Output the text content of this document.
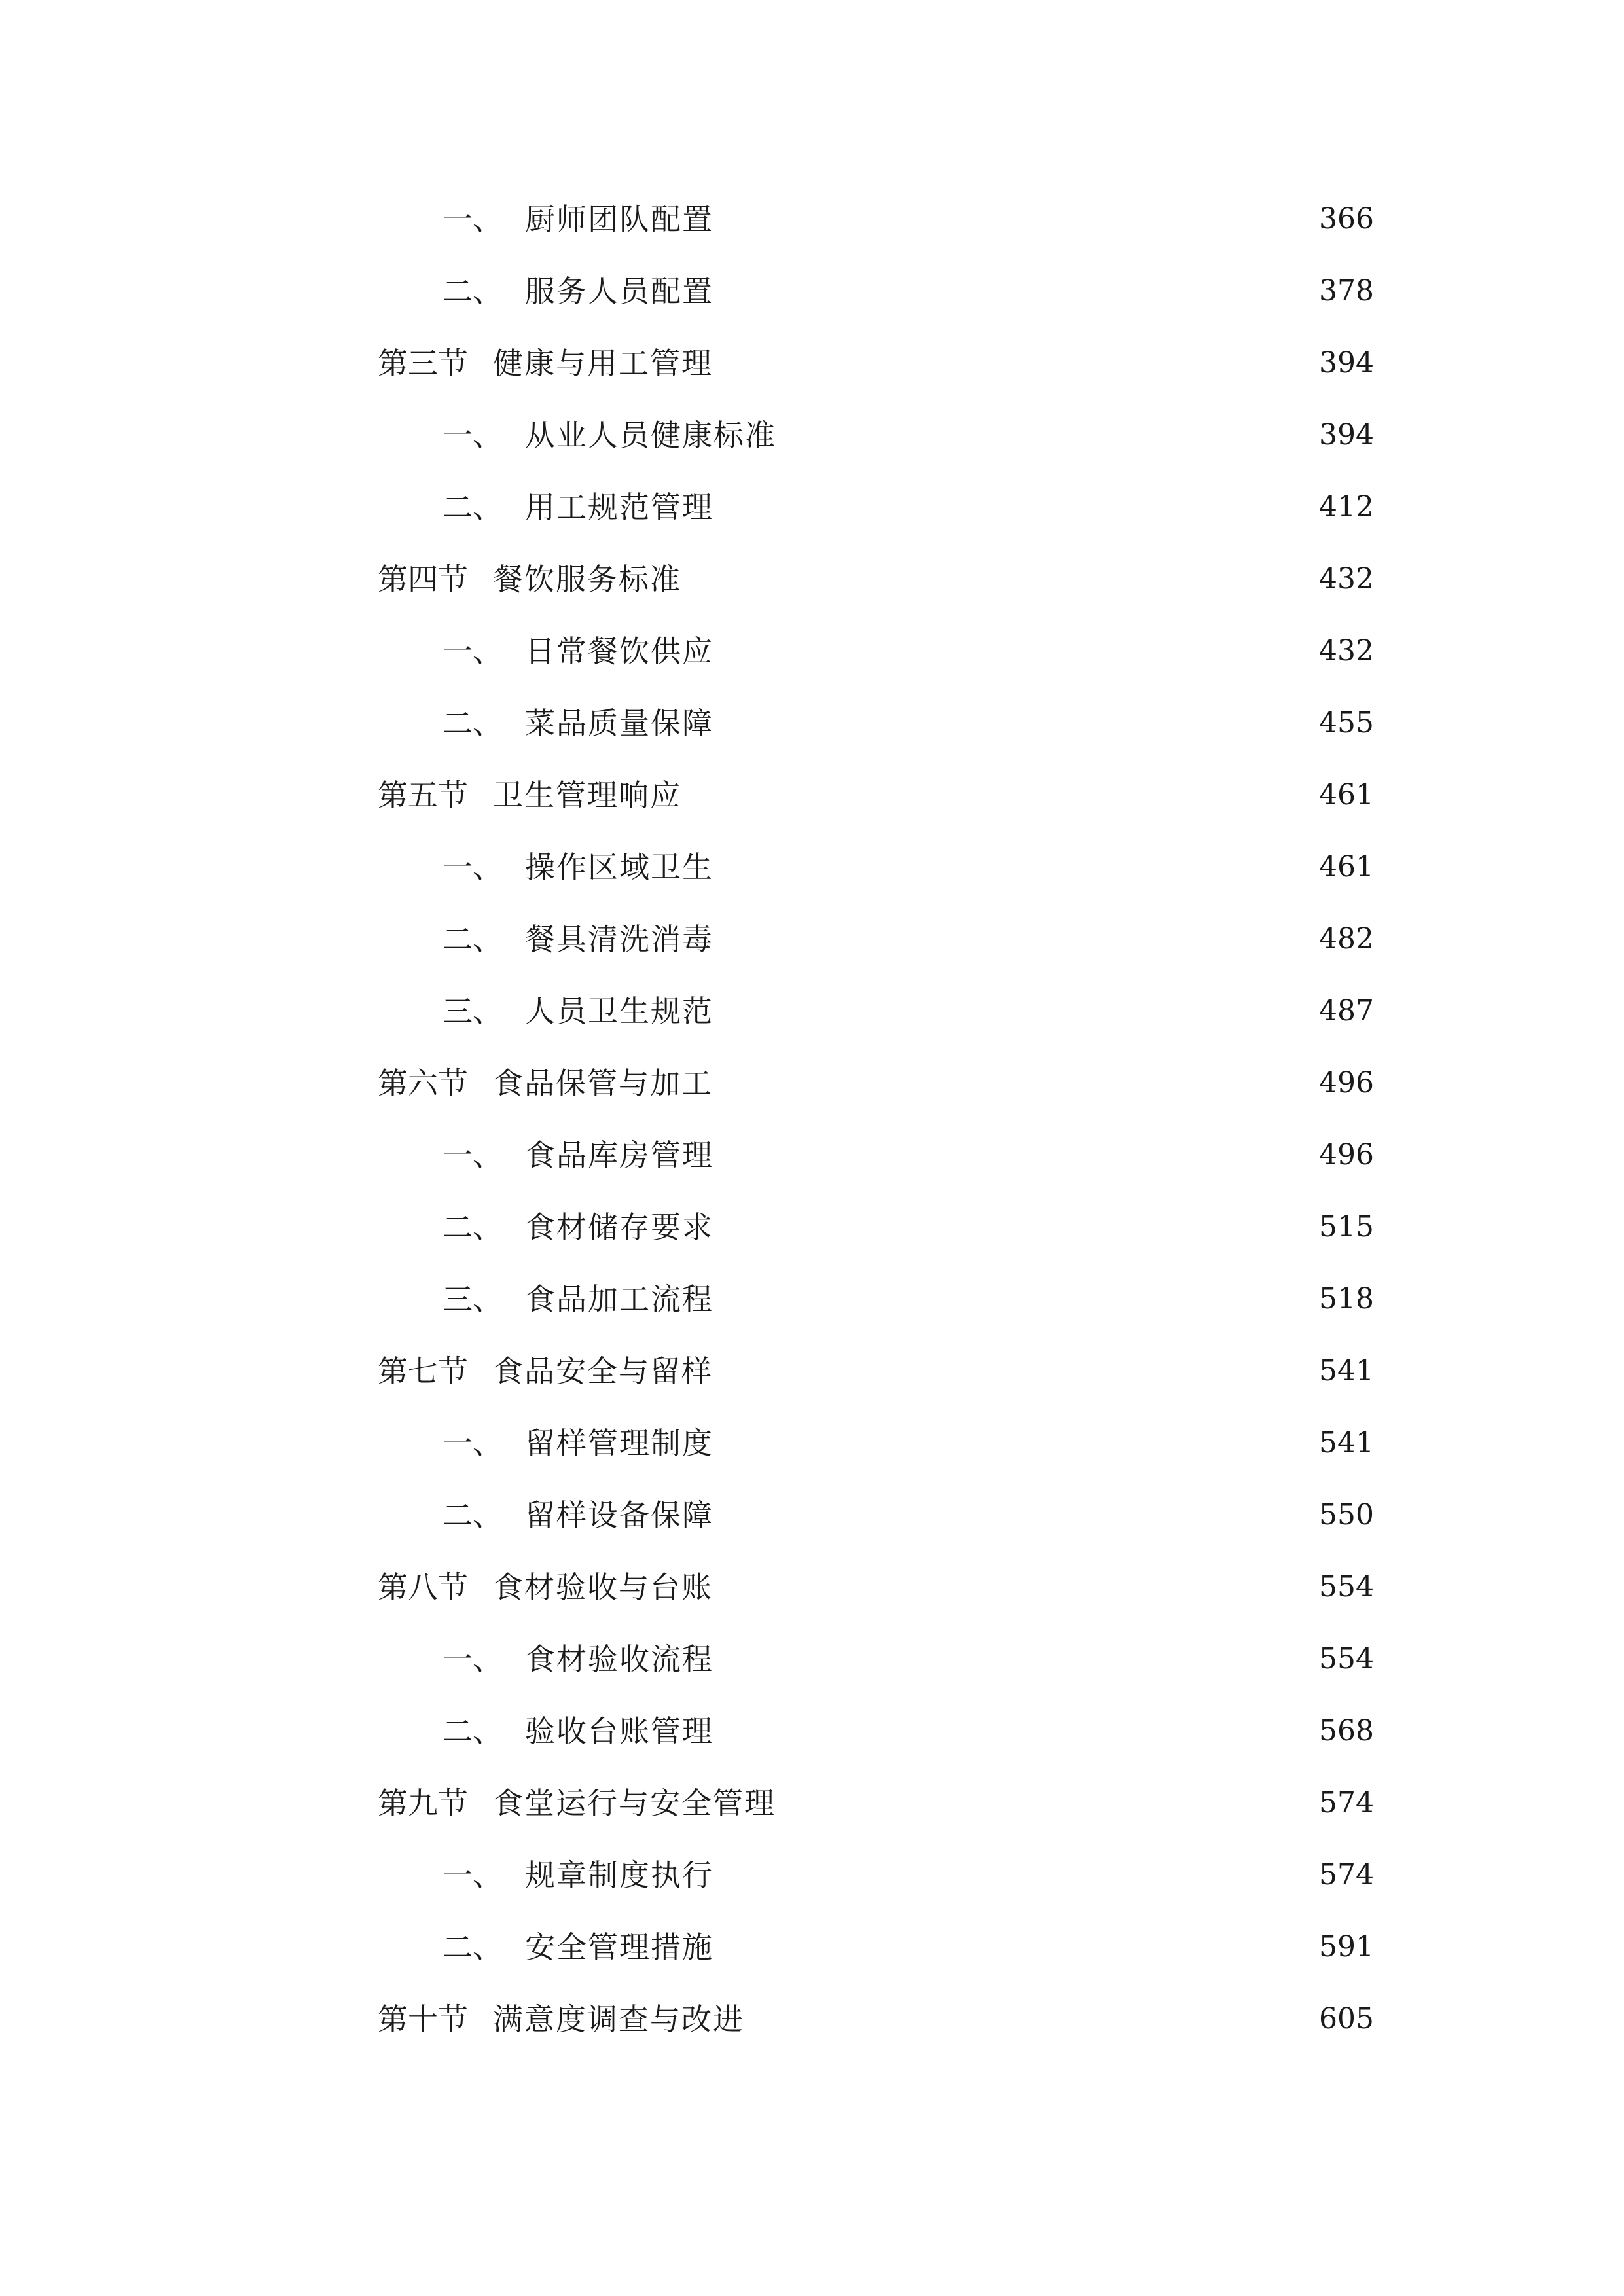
一、 厨师团队配置	366
二、 服务人员配置	378
第三节 健康与用工管理	394
一、 从业人员健康标准	394
二、 用工规范管理	412
第四节 餐饮服务标准	432
一、 日常餐饮供应	432
二、 菜品质量保障	455
第五节 卫生管理响应	461
一、 操作区域卫生	461
二、 餐具清洗消毒	482
三、 人员卫生规范	487
第六节 食品保管与加工	496
一、 食品库房管理	496
二、 食材储存要求	515
三、 食品加工流程	518
第七节 食品安全与留样	541
一、 留样管理制度	541
二、 留样设备保障	550
第八节 食材验收与台账	554
一、 食材验收流程	554
二、 验收台账管理	568
第九节 食堂运行与安全管理	574
一、 规章制度执行	574
二、 安全管理措施	591
第十节 满意度调查与改进	605
